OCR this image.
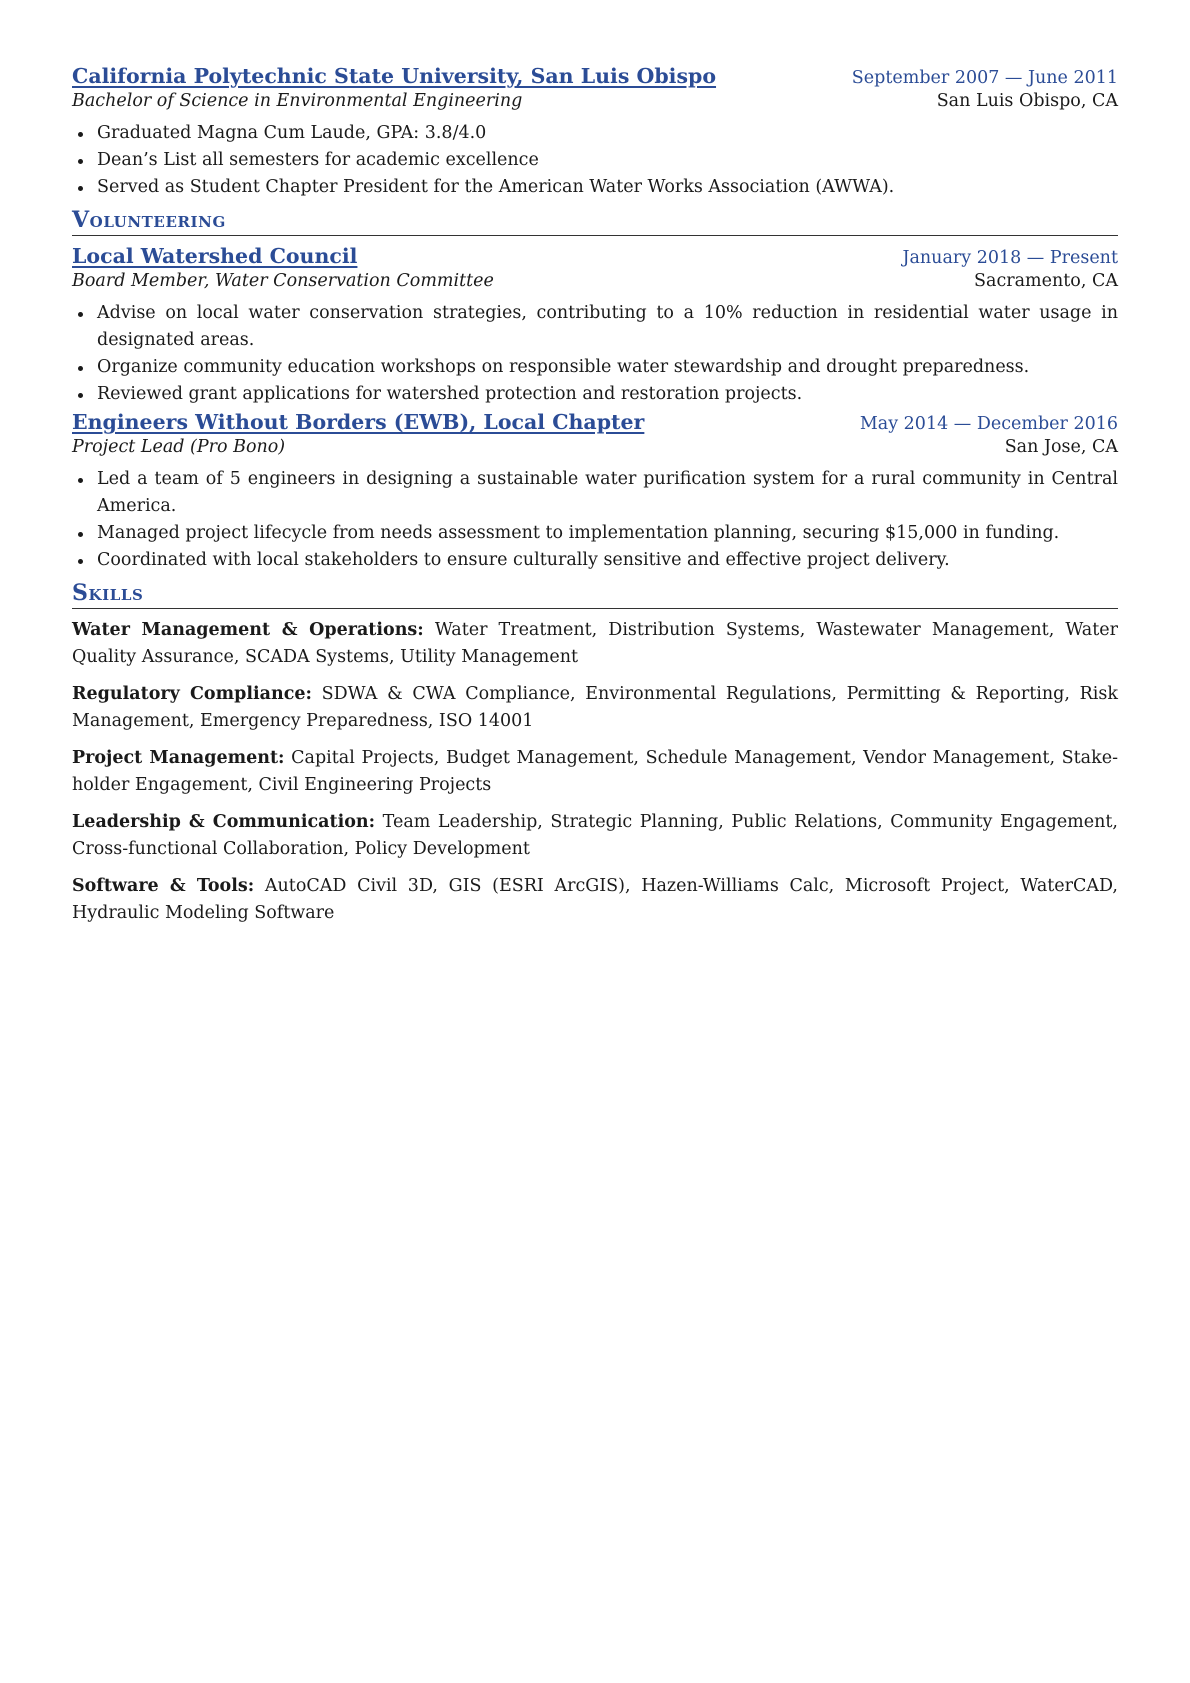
California Polytechnic State University, San Luis Obispo	September 2007 — June 2011
Bachelor of Science in Environmental Engineering	San Luis Obispo, CA
Graduated Magna Cum Laude, GPA: 3.8/4.0
Dean’s List all semesters for academic excellence
Served as Student Chapter President for the American Water Works Association (AWWA).
Volunteering
Local Watershed Council	January 2018 — Present
Board Member, Water Conservation Committee	Sacramento, CA
Advise on local water conservation strategies, contributing to a 10% reduction in residential water usage in designated areas.
Organize community education workshops on responsible water stewardship and drought preparedness.
Reviewed grant applications for watershed protection and restoration projects.
Engineers Without Borders (EWB), Local Chapter	May 2014 — December 2016
Project Lead (Pro Bono)	San Jose, CA
Led a team of 5 engineers in designing a sustainable water purification system for a rural community in Central America.
Managed project lifecycle from needs assessment to implementation planning, securing $15,000 in funding.
Coordinated with local stakeholders to ensure culturally sensitive and effective project delivery.
Skills
Water Management & Operations: Water Treatment, Distribution Systems, Wastewater Management, Water Quality Assurance, SCADA Systems, Utility Management
Regulatory Compliance: SDWA & CWA Compliance, Environmental Regulations, Permitting & Reporting, Risk Management, Emergency Preparedness, ISO 14001
Project Management: Capital Projects, Budget Management, Schedule Management, Vendor Management, Stake-holder Engagement, Civil Engineering Projects
Leadership & Communication: Team Leadership, Strategic Planning, Public Relations, Community Engagement, Cross-functional Collaboration, Policy Development
Software & Tools: AutoCAD Civil 3D, GIS (ESRI ArcGIS), Hazen-Williams Calc, Microsoft Project, WaterCAD, Hydraulic Modeling Software
